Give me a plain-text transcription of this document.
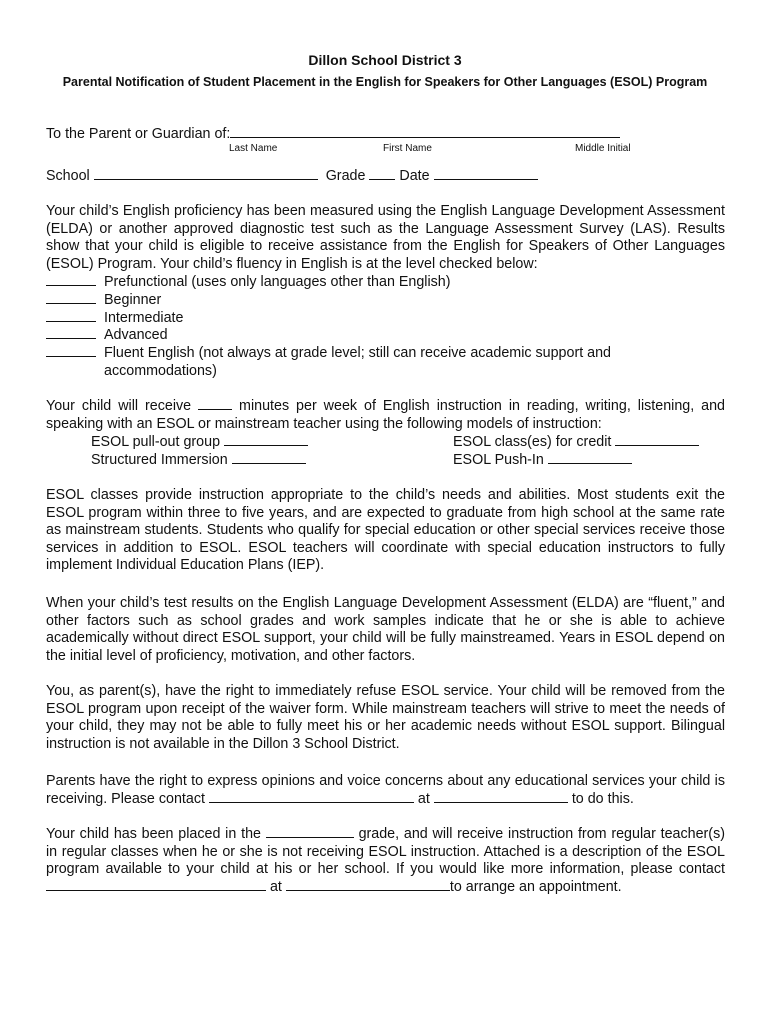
Dillon School District 3
Parental Notification of Student Placement in the English for Speakers for Other Languages (ESOL) Program
To the Parent or Guardian of:
Last Name	First Name	Middle Initial
School	Grade Date
Your child’s English proficiency has been measured using the English Language Development Assessment (ELDA) or another approved diagnostic test such as the Language Assessment Survey (LAS). Results show that your child is eligible to receive assistance from the English for Speakers of Other Languages (ESOL) Program. Your child’s fluency in English is at the level checked below:
Prefunctional (uses only languages other than English)
Beginner
Intermediate
Advanced
Fluent English (not always at grade level; still can receive academic support and accommodations)
Your child will receive	minutes per week of English instruction in reading, writing, listening, and speaking with an ESOL or mainstream teacher using the following models of instruction:
ESOL pull-out group	ESOL class(es) for credit
Structured Immersion	ESOL Push-In
ESOL classes provide instruction appropriate to the child’s needs and abilities. Most students exit the ESOL program within three to five years, and are expected to graduate from high school at the same rate as mainstream students. Students who qualify for special education or other special services receive those services in addition to ESOL. ESOL teachers will coordinate with special education instructors to fully implement Individual Education Plans (IEP).
When your child’s test results on the English Language Development Assessment (ELDA) are “fluent,” and other factors such as school grades and work samples indicate that he or she is able to achieve academically without direct ESOL support, your child will be fully mainstreamed. Years in ESOL depend on the initial level of proficiency, motivation, and other factors.
You, as parent(s), have the right to immediately refuse ESOL service. Your child will be removed from the ESOL program upon receipt of the waiver form. While mainstream teachers will strive to meet the needs of your child, they may not be able to fully meet his or her academic needs without ESOL support. Bilingual instruction is not available in the Dillon 3 School District.
Parents have the right to express opinions and voice concerns about any educational services your child is receiving. Please contact	at	to do this.
Your child has been placed in the	grade, and will receive instruction from regular teacher(s) in regular classes when he or she is not receiving ESOL instruction. Attached is a description of the ESOL program available to your child at his or her school. If you would like more information, please contact  at	to arrange an appointment.
